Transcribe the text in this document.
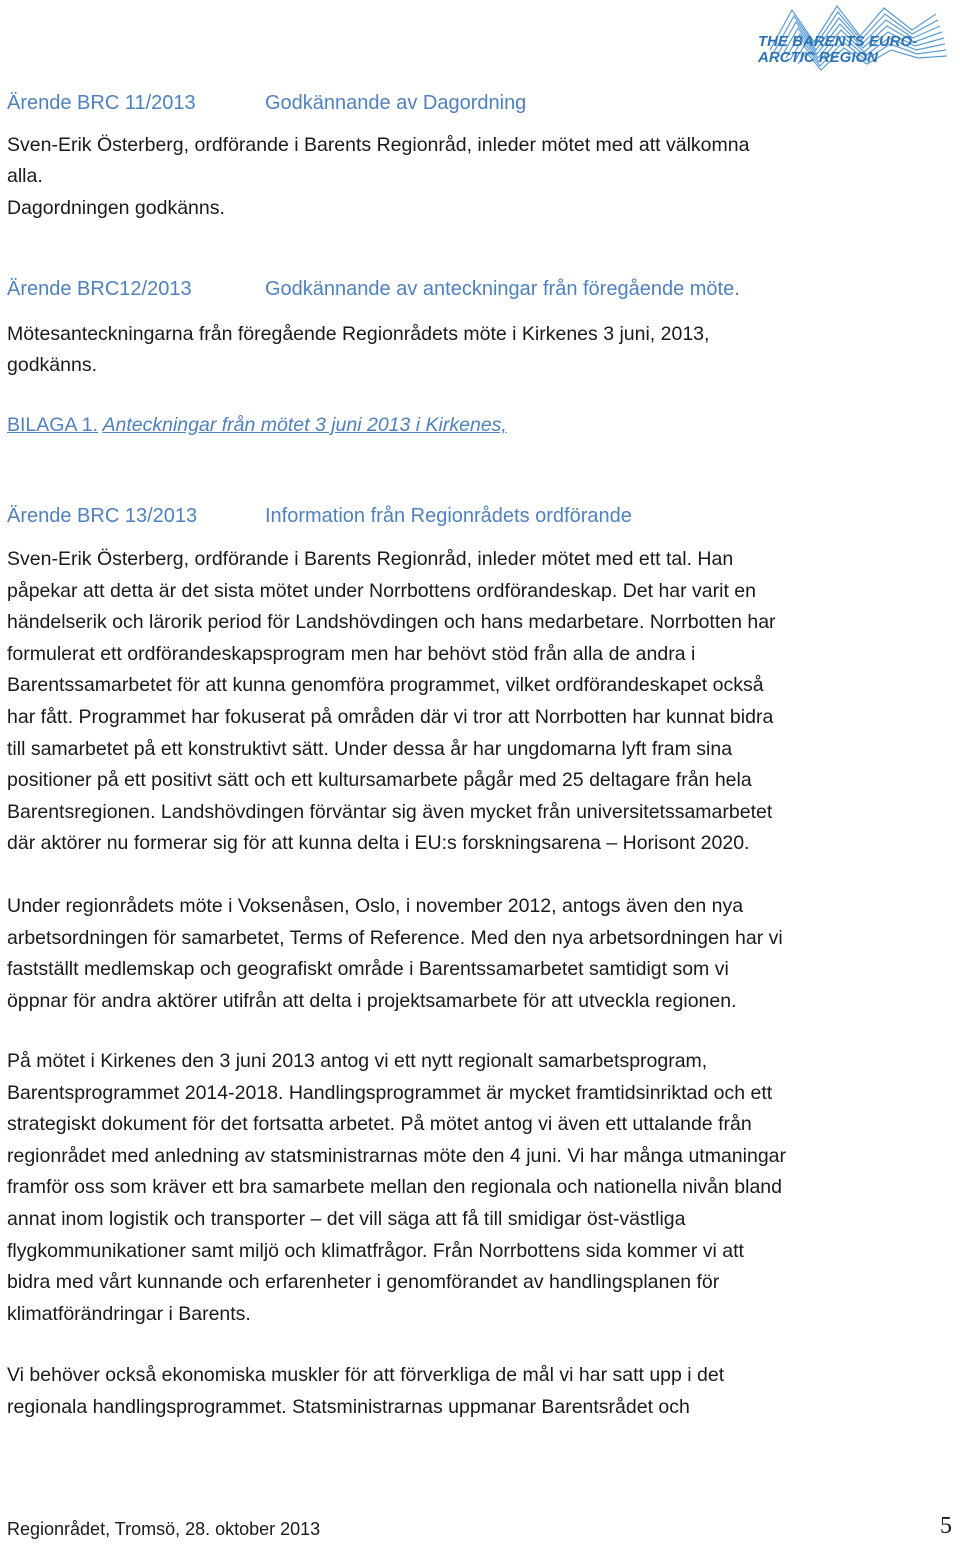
THE BARENTS EURO-
ARCTIC REGION
Ärende BRC 11/2013	Godkännande av Dagordning
Sven-Erik Österberg, ordförande i Barents Regionråd, inleder mötet med att välkomna
alla.
Dagordningen godkänns.
Ärende BRC12/2013	Godkännande av anteckningar från föregående möte.
Mötesanteckningarna från föregående Regionrådets möte i Kirkenes 3 juni, 2013,
godkänns.
BILAGA 1. Anteckningar från mötet 3 juni 2013 i Kirkenes,
Ärende BRC 13/2013	Information från Regionrådets ordförande
Sven-Erik Österberg, ordförande i Barents Regionråd, inleder mötet med ett tal. Han
påpekar att detta är det sista mötet under Norrbottens ordförandeskap. Det har varit en
händelserik och lärorik period för Landshövdingen och hans medarbetare. Norrbotten har
formulerat ett ordförandeskapsprogram men har behövt stöd från alla de andra i
Barentssamarbetet för att kunna genomföra programmet, vilket ordförandeskapet också
har fått. Programmet har fokuserat på områden där vi tror att Norrbotten har kunnat bidra
till samarbetet på ett konstruktivt sätt. Under dessa år har ungdomarna lyft fram sina
positioner på ett positivt sätt och ett kultursamarbete pågår med 25 deltagare från hela
Barentsregionen. Landshövdingen förväntar sig även mycket från universitetssamarbetet
där aktörer nu formerar sig för att kunna delta i EU:s forskningsarena – Horisont 2020.
Under regionrådets möte i Voksenåsen, Oslo, i november 2012, antogs även den nya
arbetsordningen för samarbetet, Terms of Reference. Med den nya arbetsordningen har vi
fastställt medlemskap och geografiskt område i Barentssamarbetet samtidigt som vi
öppnar för andra aktörer utifrån att delta i projektsamarbete för att utveckla regionen.
På mötet i Kirkenes den 3 juni 2013 antog vi ett nytt regionalt samarbetsprogram,
Barentsprogrammet 2014-2018. Handlingsprogrammet är mycket framtidsinriktad och ett
strategiskt dokument för det fortsatta arbetet. På mötet antog vi även ett uttalande från
regionrådet med anledning av statsministrarnas möte den 4 juni. Vi har många utmaningar
framför oss som kräver ett bra samarbete mellan den regionala och nationella nivån bland
annat inom logistik och transporter – det vill säga att få till smidigar öst-västliga
flygkommunikationer samt miljö och klimatfrågor. Från Norrbottens sida kommer vi att
bidra med vårt kunnande och erfarenheter i genomförandet av handlingsplanen för
klimatförändringar i Barents.
Vi behöver också ekonomiska muskler för att förverkliga de mål vi har satt upp i det
regionala handlingsprogrammet. Statsministrarnas uppmanar Barentsrådet och
Regionrådet, Tromsö, 28. oktober 2013	5
